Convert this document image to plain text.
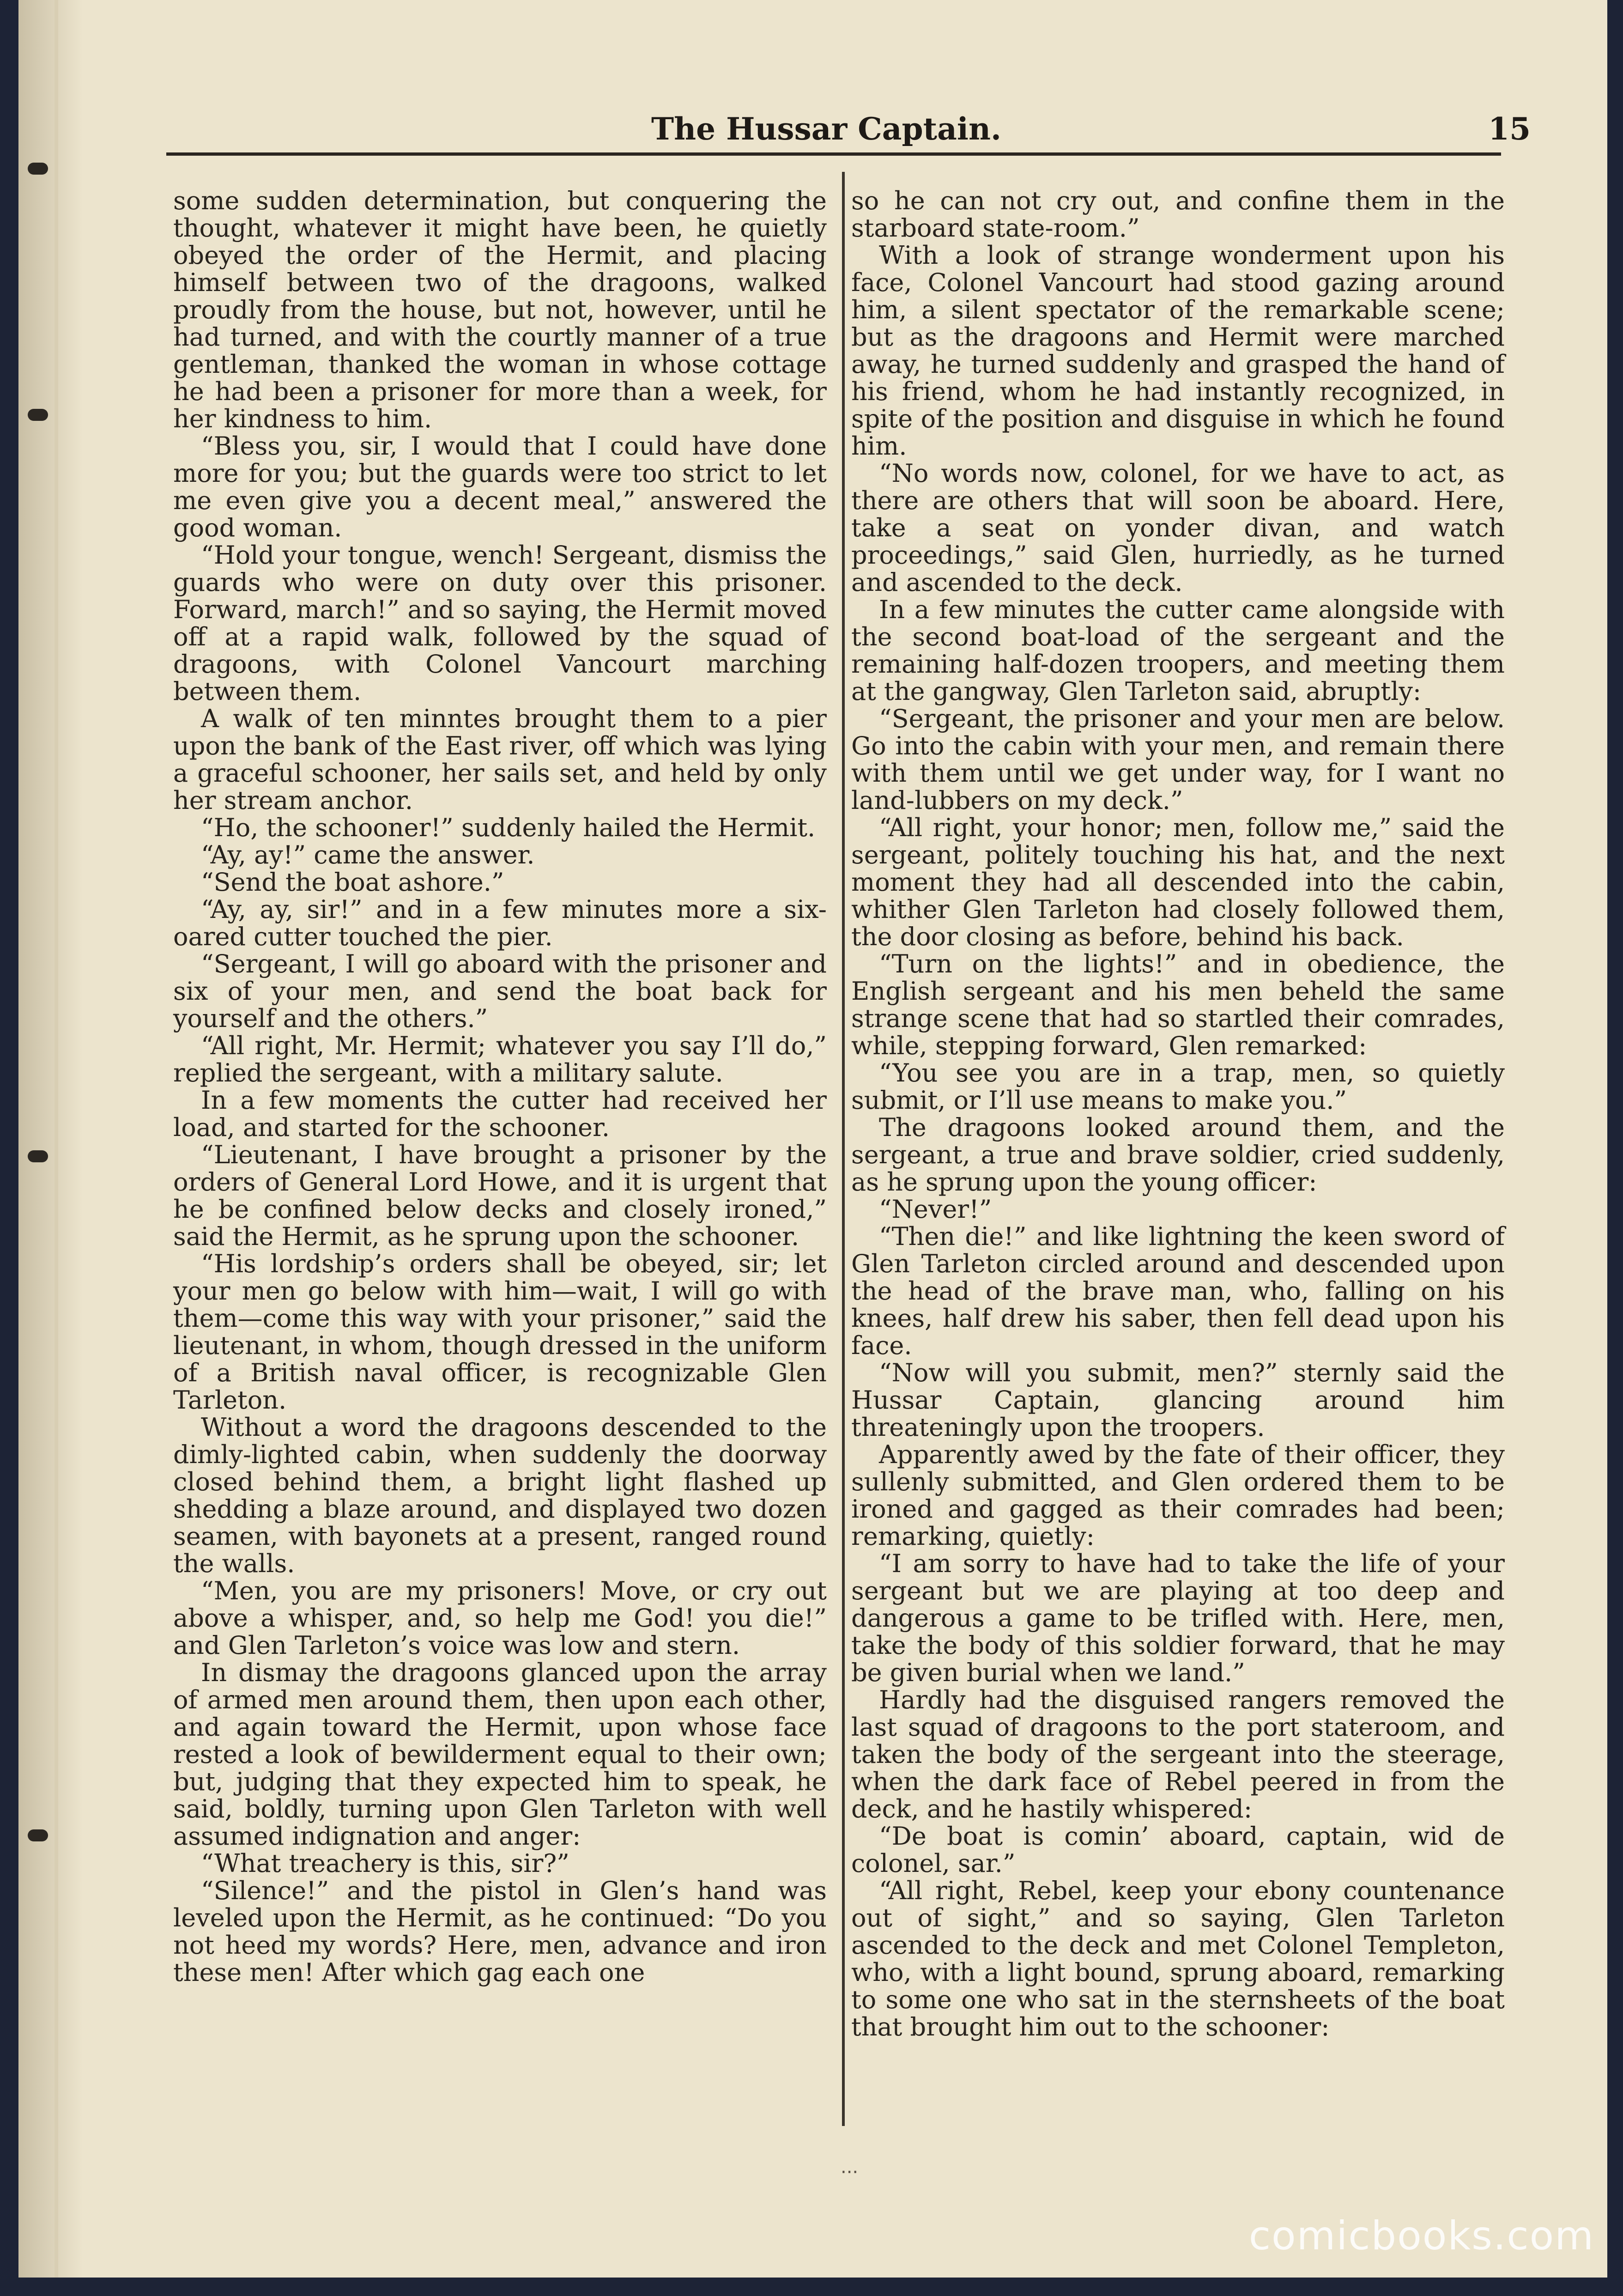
The Hussar Captain.	15

some sudden determination, but conquering the thought, whatever it might have been, he quietly obeyed the order of the Hermit, and placing himself between two of the dragoons, walked proudly from the house, but not, however, until he had turned, and with the courtly manner of a true gentleman, thanked the woman in whose cottage he had been a prisoner for more than a week, for her kindness to him.

“Bless you, sir, I would that I could have done more for you; but the guards were too strict to let me even give you a decent meal,” answered the good woman.

“Hold your tongue, wench! Sergeant, dismiss the guards who were on duty over this prisoner. Forward, march!” and so saying, the Hermit moved off at a rapid walk, followed by the squad of dragoons, with Colonel Vancourt marching between them.

A walk of ten minntes brought them to a pier upon the bank of the East river, off which was lying a graceful schooner, her sails set, and held by only her stream anchor.

“Ho, the schooner!” suddenly hailed the Hermit.

“Ay, ay!” came the answer.

“Send the boat ashore.”

“Ay, ay, sir!” and in a few minutes more a six-oared cutter touched the pier.

“Sergeant, I will go aboard with the prisoner and six of your men, and send the boat back for yourself and the others.”

“All right, Mr. Hermit; whatever you say I’ll do,” replied the sergeant, with a military salute.

In a few moments the cutter had received her load, and started for the schooner.

“Lieutenant, I have brought a prisoner by the orders of General Lord Howe, and it is urgent that he be confined below decks and closely ironed,” said the Hermit, as he sprung upon the schooner.

“His lordship’s orders shall be obeyed, sir; let your men go below with him—wait, I will go with them—come this way with your prisoner,” said the lieutenant, in whom, though dressed in the uniform of a British naval officer, is recognizable Glen Tarleton.

Without a word the dragoons descended to the dimly-lighted cabin, when suddenly the doorway closed behind them, a bright light flashed up shedding a blaze around, and displayed two dozen seamen, with bayonets at a present, ranged round the walls.

“Men, you are my prisoners! Move, or cry out above a whisper, and, so help me God! you die!” and Glen Tarleton’s voice was low and stern.

In dismay the dragoons glanced upon the array of armed men around them, then upon each other, and again toward the Hermit, upon whose face rested a look of bewilderment equal to their own; but, judging that they expected him to speak, he said, boldly, turning upon Glen Tarleton with well assumed indignation and anger:

“What treachery is this, sir?”

“Silence!” and the pistol in Glen’s hand was leveled upon the Hermit, as he continued: “Do you not heed my words? Here, men, advance and iron these men! After which gag each one

so he can not cry out, and confine them in the starboard state-room.”

With a look of strange wonderment upon his face, Colonel Vancourt had stood gazing around him, a silent spectator of the remarkable scene; but as the dragoons and Hermit were marched away, he turned suddenly and grasped the hand of his friend, whom he had instantly recognized, in spite of the position and disguise in which he found him.

“No words now, colonel, for we have to act, as there are others that will soon be aboard. Here, take a seat on yonder divan, and watch proceedings,” said Glen, hurriedly, as he turned and ascended to the deck.

In a few minutes the cutter came alongside with the second boat-load of the sergeant and the remaining half-dozen troopers, and meeting them at the gangway, Glen Tarleton said, abruptly:

“Sergeant, the prisoner and your men are below. Go into the cabin with your men, and remain there with them until we get under way, for I want no land-lubbers on my deck.”

“All right, your honor; men, follow me,” said the sergeant, politely touching his hat, and the next moment they had all descended into the cabin, whither Glen Tarleton had closely followed them, the door closing as before, behind his back.

“Turn on the lights!” and in obedience, the English sergeant and his men beheld the same strange scene that had so startled their comrades, while, stepping forward, Glen remarked:

“You see you are in a trap, men, so quietly submit, or I’ll use means to make you.”

The dragoons looked around them, and the sergeant, a true and brave soldier, cried suddenly, as he sprung upon the young officer:

“Never!”

“Then die!” and like lightning the keen sword of Glen Tarleton circled around and descended upon the head of the brave man, who, falling on his knees, half drew his saber, then fell dead upon his face.

“Now will you submit, men?” sternly said the Hussar Captain, glancing around him threateningly upon the troopers.

Apparently awed by the fate of their officer, they sullenly submitted, and Glen ordered them to be ironed and gagged as their comrades had been; remarking, quietly:

“I am sorry to have had to take the life of your sergeant but we are playing at too deep and dangerous a game to be trifled with. Here, men, take the body of this soldier forward, that he may be given burial when we land.”

Hardly had the disguised rangers removed the last squad of dragoons to the port stateroom, and taken the body of the sergeant into the steerage, when the dark face of Rebel peered in from the deck, and he hastily whispered:

“De boat is comin’ aboard, captain, wid de colonel, sar.”

“All right, Rebel, keep your ebony countenance out of sight,” and so saying, Glen Tarleton ascended to the deck and met Colonel Templeton, who, with a light bound, sprung aboard, remarking to some one who sat in the sternsheets of the boat that brought him out to the schooner:

‧‧‧
comicbooks.com
